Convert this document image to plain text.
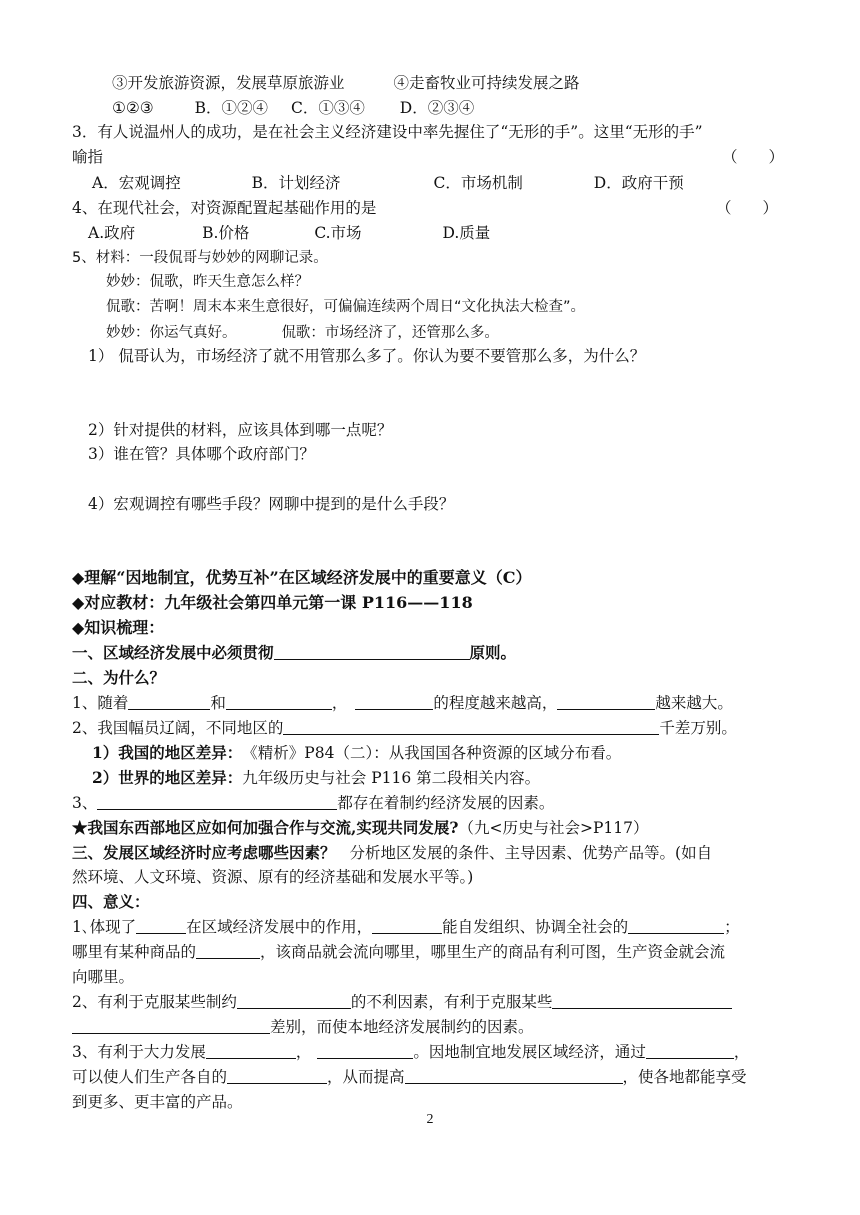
③开发旅游资源，发展草原旅游业	④走畜牧业可持续发展之路
①②③	B．①②④ C．①③④ D．②③④
3．有人说温州人的成功，是在社会主义经济建设中率先握住了“无形的手”。这里“无形的手”
喻指	（　　）
A．宏观调控	B．计划经济	C．市场机制	D．政府干预
4、在现代社会，对资源配置起基础作用的是	（　　）
A.政府	B.价格	C.市场	D.质量
5、材料：一段侃哥与妙妙的网聊记录。
妙妙：侃歌，昨天生意怎么样？
侃歌：苦啊！周末本来生意很好，可偏偏连续两个周日“文化执法大检查”。
妙妙：你运气真好。	侃歌：市场经济了，还管那么多。
1） 侃哥认为，市场经济了就不用管那么多了。你认为要不要管那么多，为什么？
2）针对提供的材料，应该具体到哪一点呢？
3）谁在管？具体哪个政府部门？
4）宏观调控有哪些手段？网聊中提到的是什么手段？
◆理解“因地制宜，优势互补”在区域经济发展中的重要意义（C）
◆对应教材：九年级社会第四单元第一课 P116——118
◆知识梳理：
一、区域经济发展中必须贯彻	原则。
二、为什么？
1、随着	和	，	的程度越来越高，	越来越大。
2、我国幅员辽阔，不同地区的	千差万别。
1）我国的地区差异：《精析》P84（二）：从我国国各种资源的区域分布看。
2）世界的地区差异：九年级历史与社会 P116 第二段相关内容。
3、	都存在着制约经济发展的因素。
★我国东西部地区应如何加强合作与交流,实现共同发展?（九<历史与社会>P117）
三、发展区域经济时应考虑哪些因素？ 分析地区发展的条件、主导因素、优势产品等。(如自
然环境、人文环境、资源、原有的经济基础和发展水平等。)
四、意义：
1､体现了	在区域经济发展中的作用，	能自发组织、协调全社会的	；
哪里有某种商品的	，该商品就会流向哪里，哪里生产的商品有利可图，生产资金就会流
向哪里。
2、有利于克服某些制约	的不利因素，有利于克服某些
差别，而使本地经济发展制约的因素。
3、有利于大力发展	，	。因地制宜地发展区域经济，通过	，
可以使人们生产各自的	，从而提高	，使各地都能享受
到更多、更丰富的产品。
2
